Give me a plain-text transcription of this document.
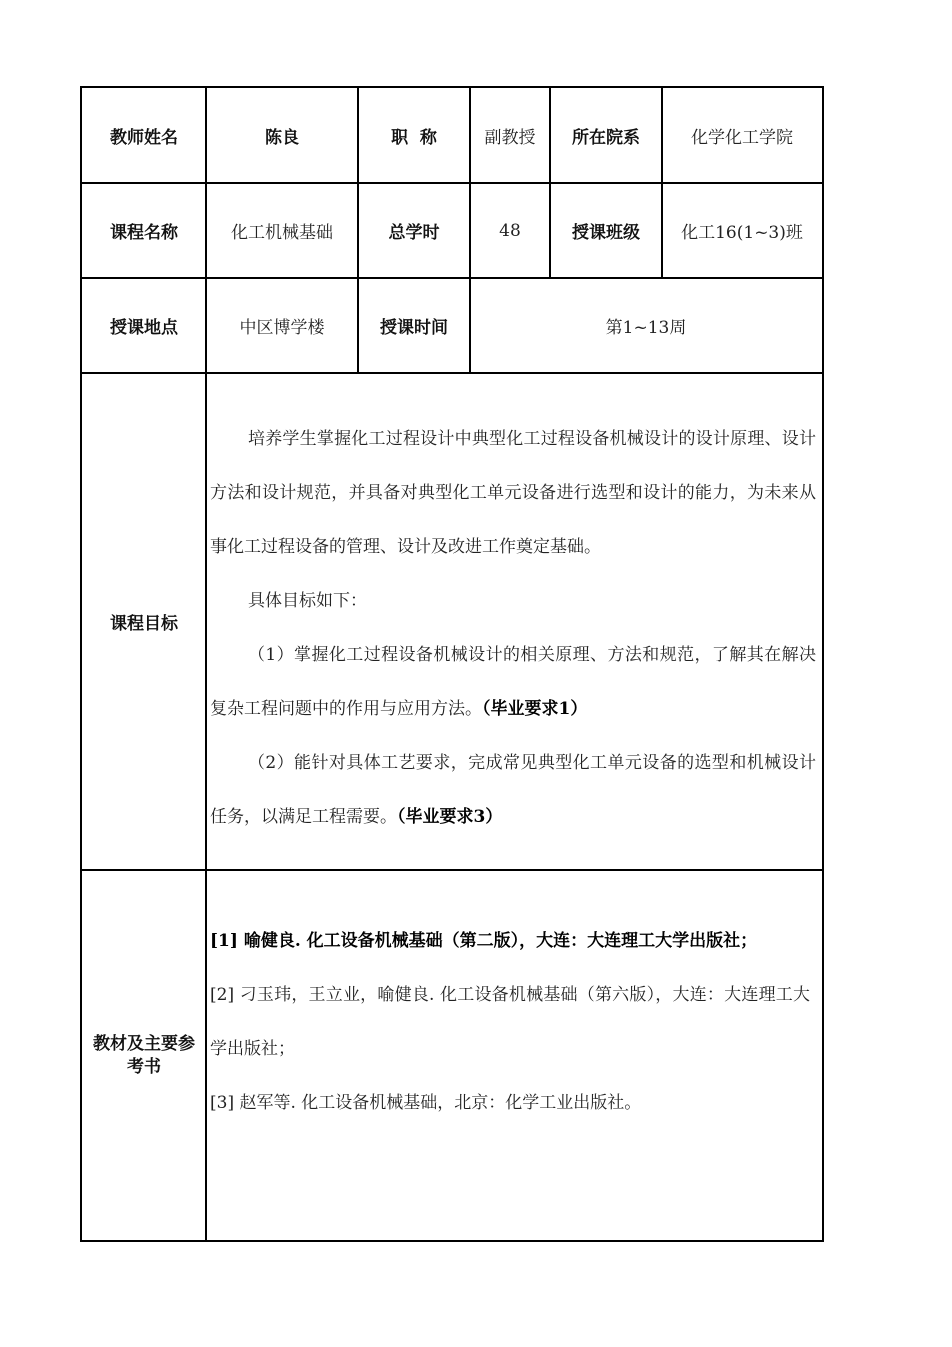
教师姓名	陈良	职  称	副教授	所在院系	化学化工学院
课程名称	化工机械基础	总学时	48	授课班级	化工16(1~3)班
授课地点	中区博学楼	授课时间	第1~13周
课程目标

培养学生掌握化工过程设计中典型化工过程设备机械设计的设计原理、设计方法和设计规范，并具备对典型化工单元设备进行选型和设计的能力，为未来从事化工过程设备的管理、设计及改进工作奠定基础。

具体目标如下：

（1）掌握化工过程设备机械设计的相关原理、方法和规范，了解其在解决复杂工程问题中的作用与应用方法。（毕业要求1）

（2）能针对具体工艺要求，完成常见典型化工单元设备的选型和机械设计任务，以满足工程需要。（毕业要求3）

教材及主要参考书

[1] 喻健良. 化工设备机械基础（第二版），大连：大连理工大学出版社；

[2] 刁玉玮，王立业，喻健良. 化工设备机械基础（第六版），大连：大连理工大学出版社；

[3] 赵军等. 化工设备机械基础，北京：化学工业出版社。
